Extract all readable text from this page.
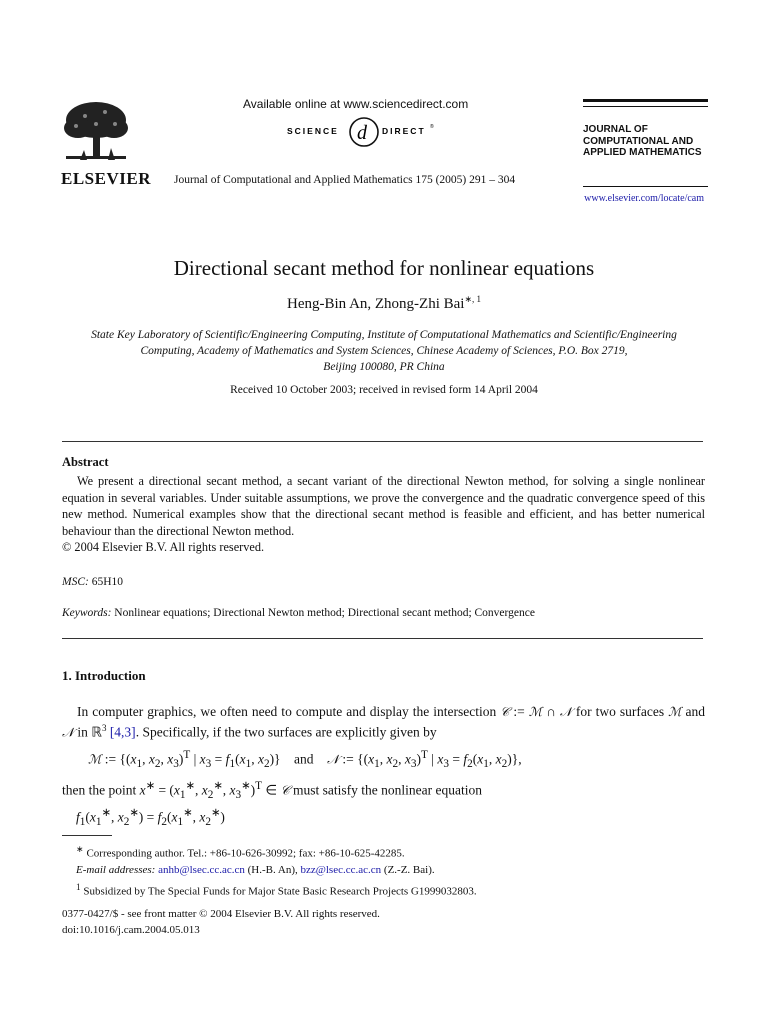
ELSEVIER
Available online at www.sciencedirect.com
SCIENCE d DIRECT ®
Journal of Computational and Applied Mathematics 175 (2005) 291 – 304
JOURNAL OF
COMPUTATIONAL AND
APPLIED MATHEMATICS
www.elsevier.com/locate/cam
Directional secant method for nonlinear equations
Heng-Bin An, Zhong-Zhi Bai$^{∗, 1}$
State Key Laboratory of Scientific/Engineering Computing, Institute of Computational Mathematics and Scientific/Engineering
Computing, Academy of Mathematics and System Sciences, Chinese Academy of Sciences, P.O. Box 2719,
Beijing 100080, PR China
Received 10 October 2003; received in revised form 14 April 2004
Abstract

We present a directional secant method, a secant variant of the directional Newton method, for solving a single nonlinear equation in several variables. Under suitable assumptions, we prove the convergence and the quadratic convergence speed of this new method. Numerical examples show that the directional secant method is feasible and efficient, and has better numerical behaviour than the directional Newton method.

© 2004 Elsevier B.V. All rights reserved.
MSC: 65H10
Keywords: Nonlinear equations; Directional Newton method; Directional secant method; Convergence
1. Introduction
In computer graphics, we often need to compute and display the intersection 𝒞 := ℳ ∩ 𝒩 for two surfaces ℳ and 𝒩 in ℝ$^3$ [4,3]. Specifically, if the two surfaces are explicitly given by
ℳ := {($x_1$, $x_2$, $x_3)^T$ | $x_3 = f_1(x_1$, $x_2$)}    and 𝒩 := {($x_1$, $x_2$, $x_3)^T$ | $x_3 = f_2(x_1$, $x_2$)},
then the point $x^∗ = (x_1^∗$, $x_2^∗$, $x_3^∗)^T$ ∈ 𝒞 must satisfy the nonlinear equation
$f_1(x_1^∗$, $x_2^∗) = f_2(x_1^∗$, $x_2^∗$)
∗ Corresponding author. Tel.: +86-10-626-30992; fax: +86-10-625-42285.
E-mail addresses: anhb@lsec.cc.ac.cn (H.-B. An), bzz@lsec.cc.ac.cn (Z.-Z. Bai).
$^1$ Subsidized by The Special Funds for Major State Basic Research Projects G1999032803.
0377-0427/$ - see front matter © 2004 Elsevier B.V. All rights reserved.
doi:10.1016/j.cam.2004.05.013
